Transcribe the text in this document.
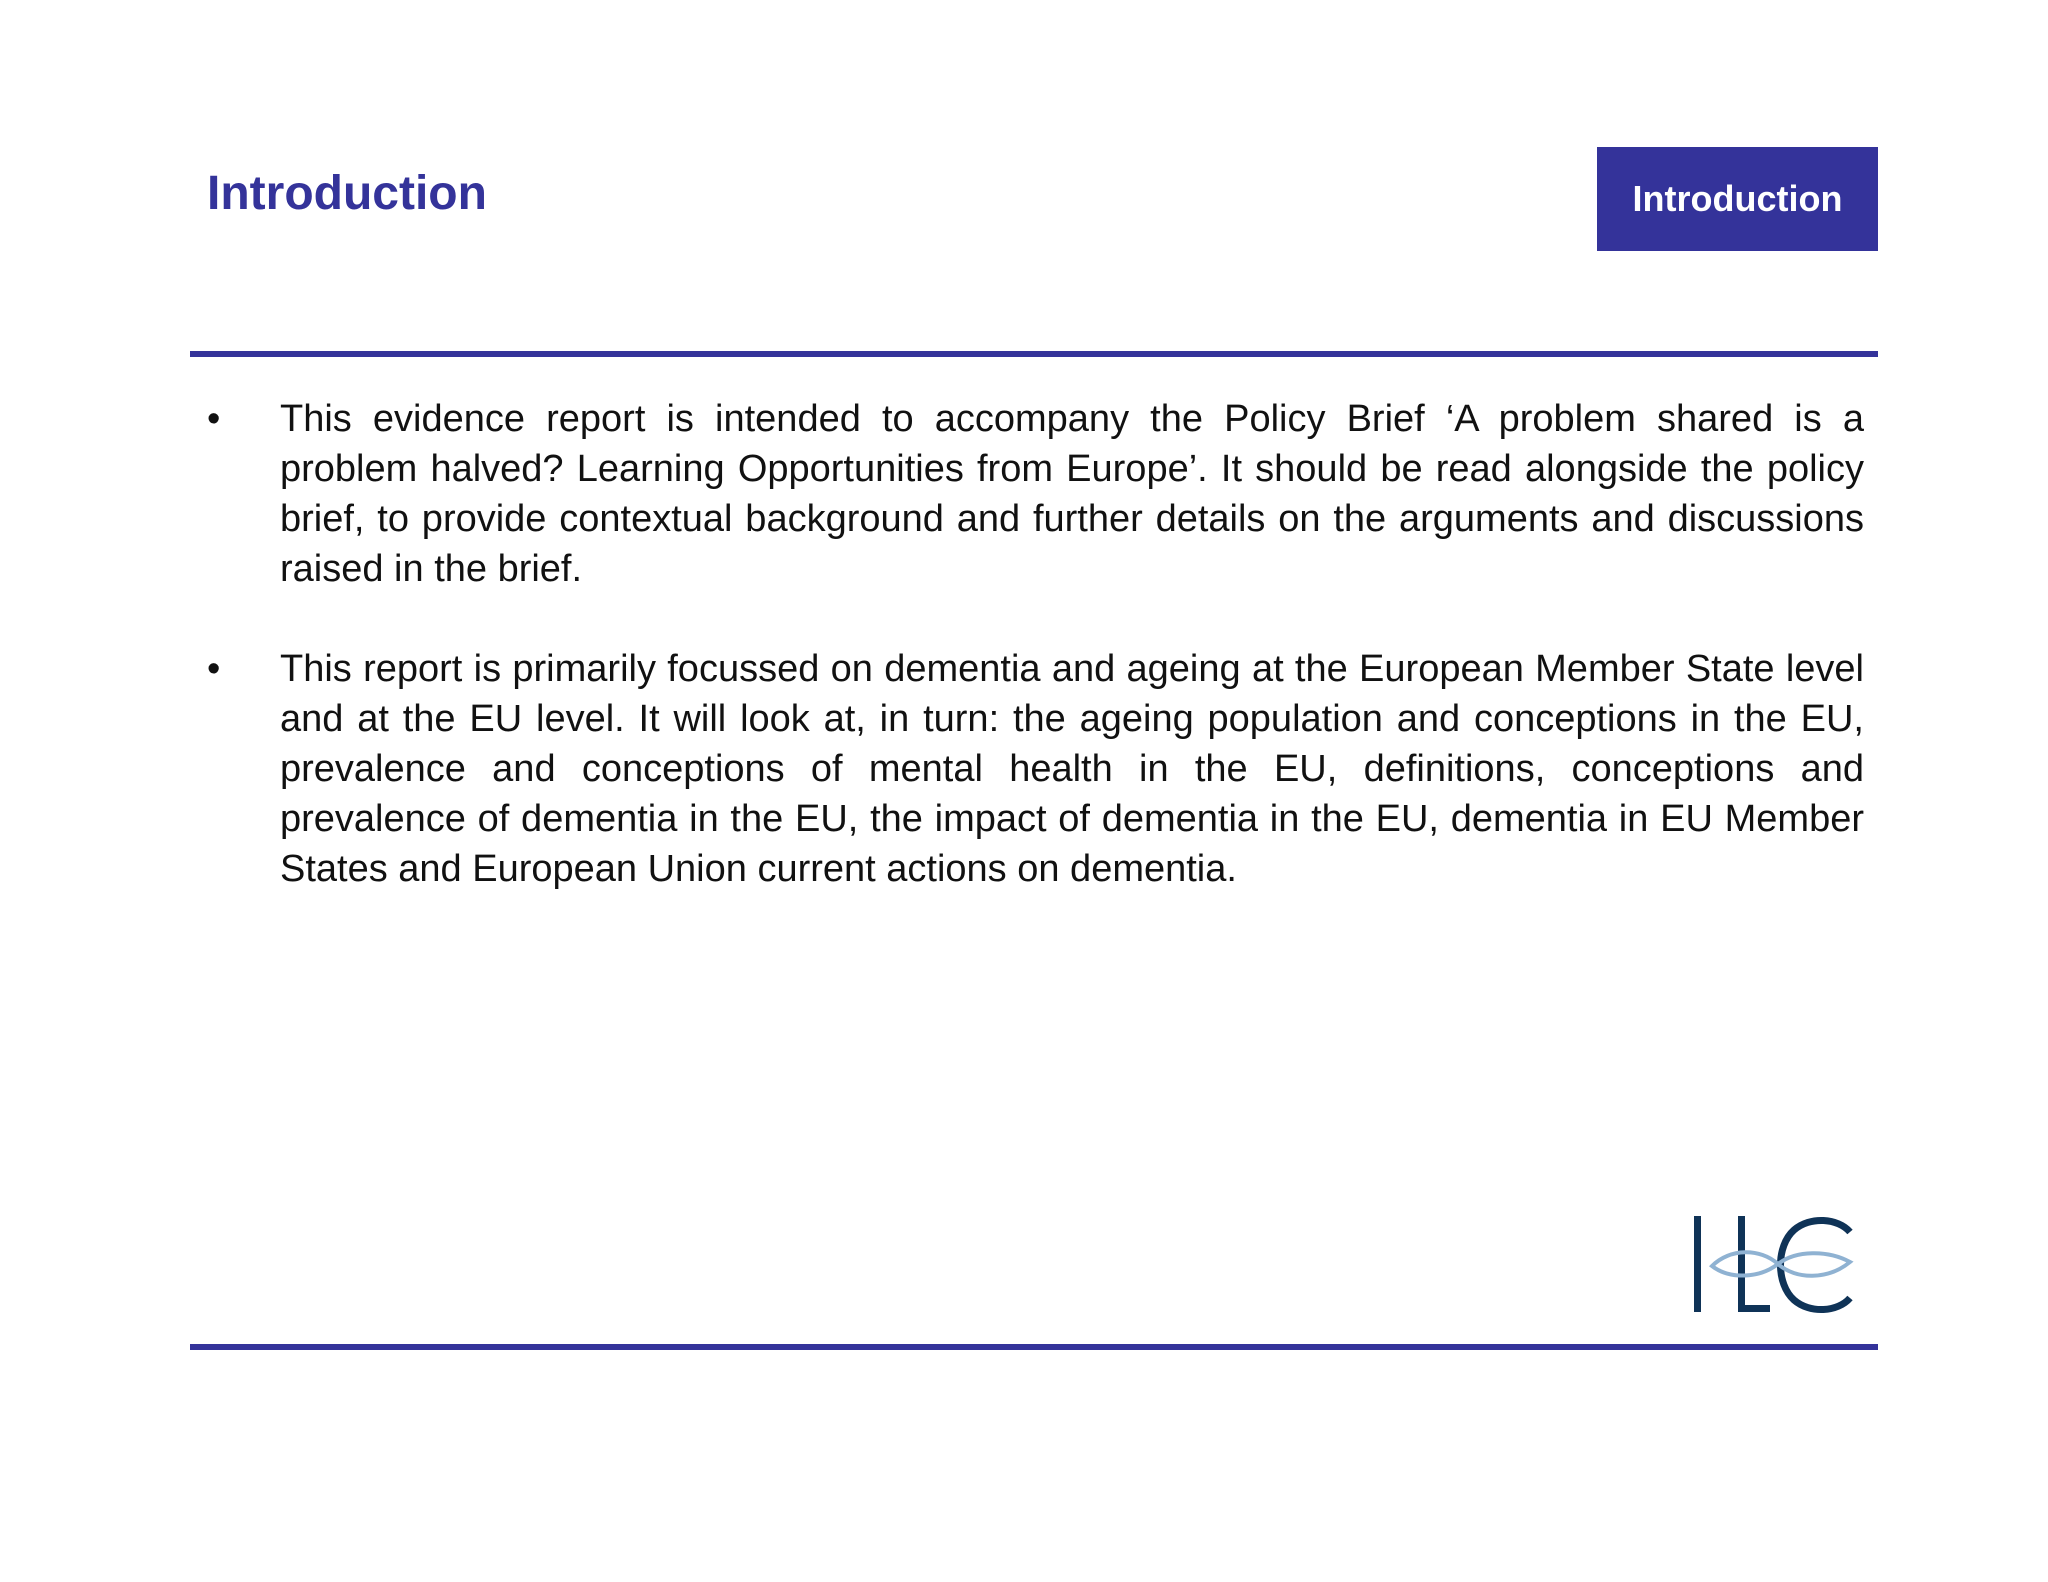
Introduction	Introduction
• This evidence report is intended to accompany the Policy Brief ‘A problem shared is a problem halved? Learning Opportunities from Europe’. It should be read alongside the policy brief, to provide contextual background and further details on the arguments and discussions raised in the brief.
• This report is primarily focussed on dementia and ageing at the European Member State level and at the EU level. It will look at, in turn: the ageing population and conceptions in the EU, prevalence and conceptions of mental health in the EU, definitions, conceptions and prevalence of dementia in the EU, the impact of dementia in the EU, dementia in EU Member States and European Union current actions on dementia.
